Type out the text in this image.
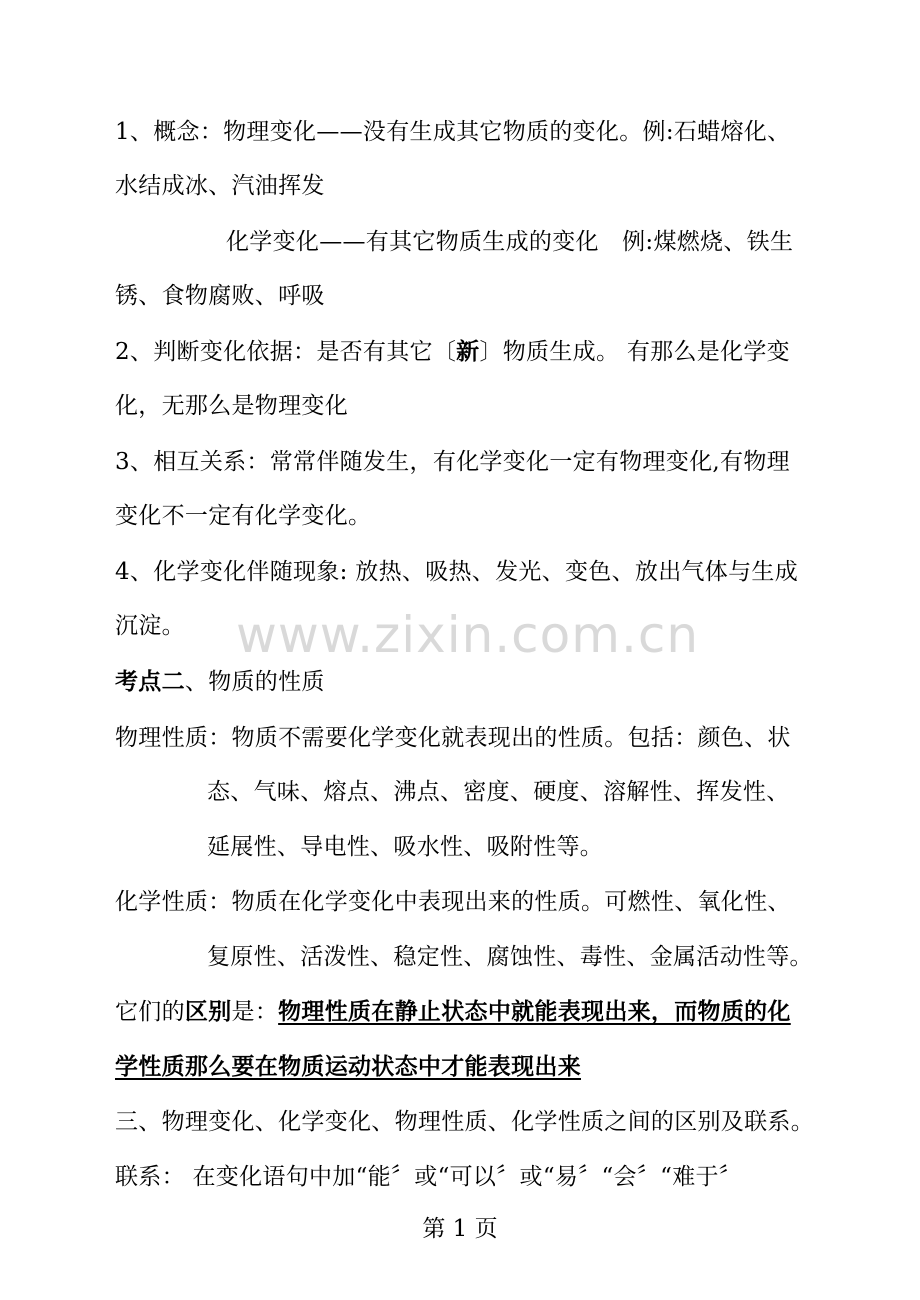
1、概念：物理变化——没有生成其它物质的变化。例:石蜡熔化、
水结成冰、汽油挥发
化学变化——有其它物质生成的变化　例:煤燃烧、铁生
锈、食物腐败、呼吸
2、判断变化依据：是否有其它〔新〕物质生成。 有那么是化学变
化，无那么是物理变化
3、相互关系：常常伴随发生，有化学变化一定有物理变化,有物理
变化不一定有化学变化。
4、化学变化伴随现象: 放热、吸热、发光、变色、放出气体与生成
沉淀。 www.zixin.com.cn
考点二、物质的性质
物理性质：物质不需要化学变化就表现出的性质。包括：颜色、状
态、气味、熔点、沸点、密度、硬度、溶解性、挥发性、
延展性、导电性、吸水性、吸附性等。
化学性质：物质在化学变化中表现出来的性质。可燃性、氧化性、
复原性、活泼性、稳定性、腐蚀性、毒性、金属活动性等。
它们的区别是：物理性质在静止状态中就能表现出来，而物质的化
学性质那么要在物质运动状态中才能表现出来
三、物理变化、化学变化、物理性质、化学性质之间的区别及联系。
联系： 在变化语句中加“能〞或“可以〞或“易〞“会〞“难于〞
第 1 页
